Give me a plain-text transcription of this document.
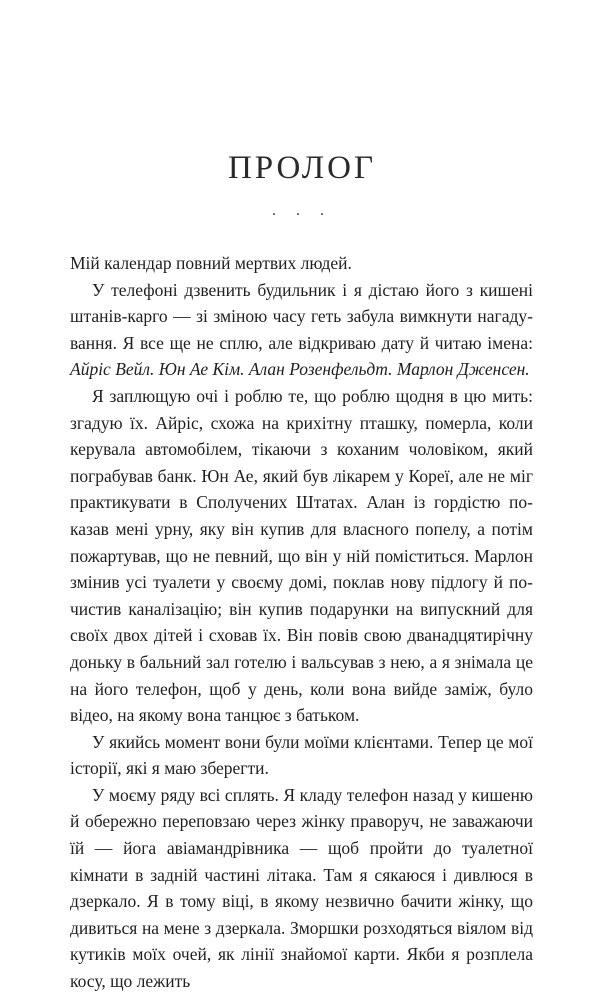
ПРОЛОГ
. . .

Мій календар повний мертвих людей.

У телефоні дзвенить будильник і я дістаю його з кишені штанів-карго — зі зміною часу геть забула вимкнути нагадування. Я все ще не сплю, але відкриваю дату й читаю імена: Айріс Вейл. Юн Ае Кім. Алан Розенфельдт. Марлон Дженсен.

Я заплющую очі і роблю те, що роблю щодня в цю мить: згадую їх. Айріс, схожа на крихітну пташку, померла, коли керувала автомобілем, тікаючи з коханим чоловіком, який пограбував банк. Юн Ае, який був лікарем у Кореї, але не міг практикувати в Сполучених Штатах. Алан із гордістю показав мені урну, яку він купив для власного попелу, а потім пожартував, що не певний, що він у ній поміститься. Марлон змінив усі туалети у своєму домі, поклав нову підлогу й почистив каналізацію; він купив подарунки на випускний для своїх двох дітей і сховав їх. Він повів свою дванадцятирічну доньку в бальний зал готелю і вальсував з нею, а я знімала це на його телефон, щоб у день, коли вона вийде заміж, було відео, на якому вона танцює з батьком.

У якийсь момент вони були моїми клієнтами. Тепер це мої історії, які я маю зберегти.

У моєму ряду всі сплять. Я кладу телефон назад у кишеню й обережно переповзаю через жінку праворуч, не заважаючи їй — йога авіамандрівника — щоб пройти до туалетної кімнати в задній частині літака. Там я сякаюся і дивлюся в дзеркало. Я в тому віці, в якому незвично бачити жінку, що дивиться на мене з дзеркала. Зморшки розходяться віялом від кутиків моїх очей, як лінії знайомої карти. Якби я розплела косу, що лежить
